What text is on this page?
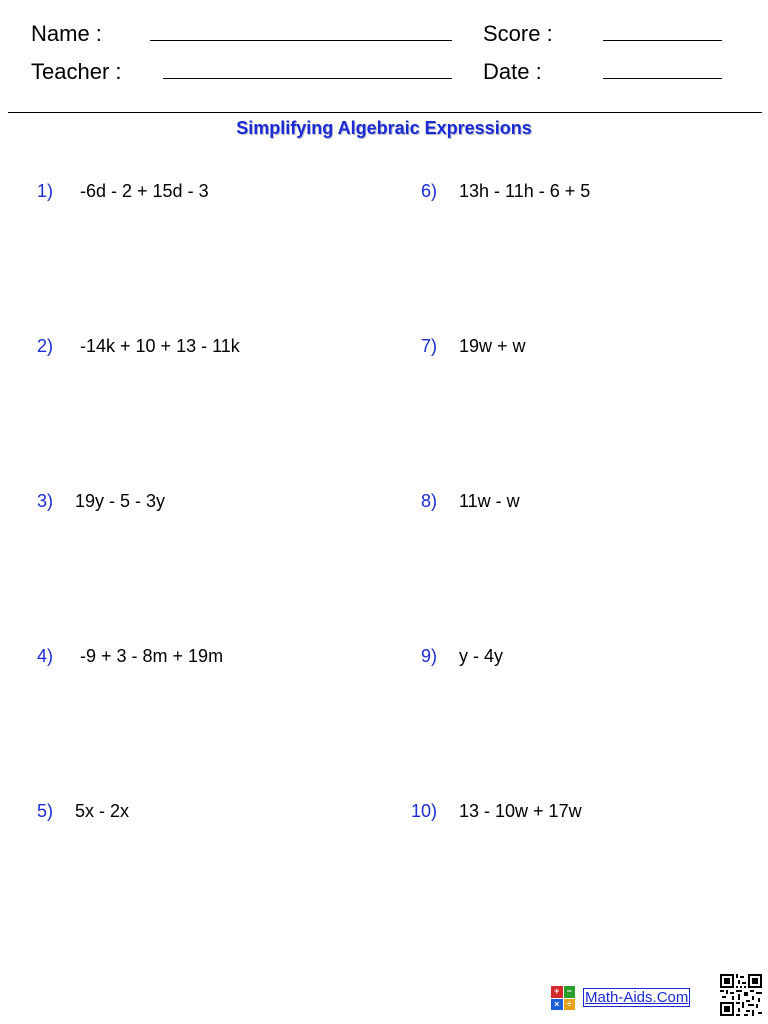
Name :	Score :
Teacher :	Date :
Simplifying Algebraic Expressions
1) -6d - 2 + 15d - 3
2) -14k + 10 + 13 - 11k
3) 19y - 5 - 3y
4) -9 + 3 - 8m + 19m
5) 5x - 2x
6) 13h - 11h - 6 + 5
7) 19w + w
8) 11w - w
9) y - 4y
10) 13 - 10w + 17w
+ −
× ÷ Math-Aids.Com
